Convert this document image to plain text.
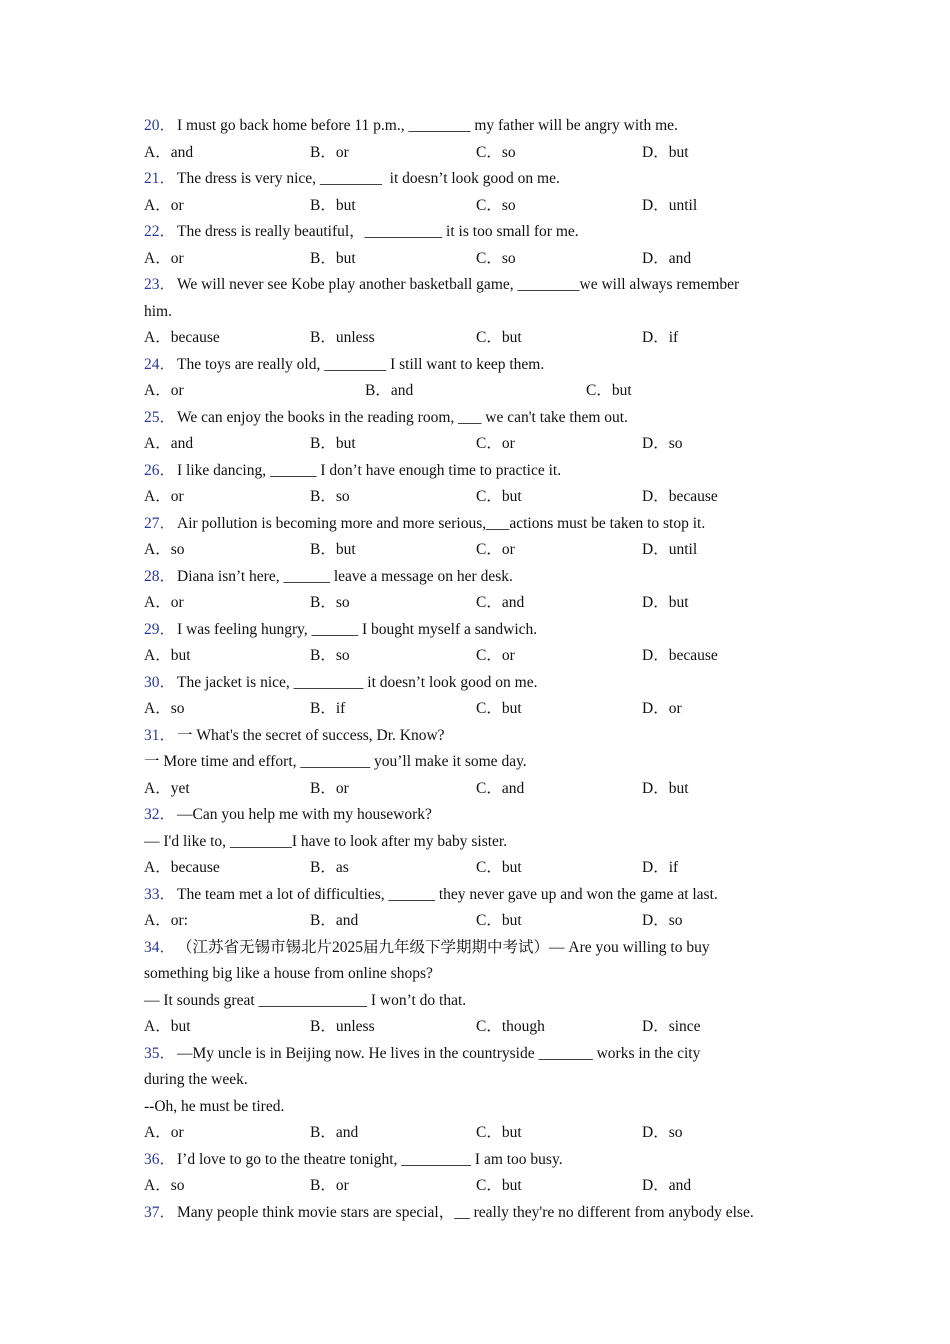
20 ．	I must go back home before 11 p.m., ________ my father will be angry with me.
A ． and	B ． or	C ． so	D ． but
21 ．	The dress is very nice, ________  it doesn’t look good on me.
A ． or	B ． but	C ． so	D ． until
22 ．	The dress is really beautiful，__________ it is too small for me.
A ． or	B ． but	C ． so	D ． and
23 ．	We will never see Kobe play another basketball game, ________we will always remember
him.
A ． because	B ． unless	C ． but	D ． if
24 ．	The toys are really old, ________ I still want to keep them.
A ． or	B ． and	C ． but
25 ．	We can enjoy the books in the reading room, ___ we can't take them out.
A ． and	B ． but	C ． or	D ． so
26 ．	I like dancing, ______ I don’t have enough time to practice it.
A ． or	B ． so	C ． but	D ． because
27 ．	Air pollution is becoming more and more serious,___actions must be taken to stop it.
A ． so	B ． but	C ． or	D ． until
28 ．	Diana isn’t here, ______ leave a message on her desk.
A ． or	B ． so	C ． and	D ． but
29 ．	I was feeling hungry, ______ I bought myself a sandwich.
A ． but	B ． so	C ． or	D ． because
30 ．	The jacket is nice, _________ it doesn’t look good on me.
A ． so	B ． if	C ． but	D ． or
31 ．	一 What's the secret of success, Dr. Know?
一 More time and effort, _________ you’ll make it some day.
A ． yet	B ． or	C ． and	D ． but
32 ．	—Can you help me with my housework?
— I'd like to, ________I have to look after my baby sister.
A ． because	B ． as	C ． but	D ． if
33 ．	The team met a lot of difficulties, ______ they never gave up and won the game at last.
A ． or:	B ． and	C ． but	D ． so
34 ．	（江苏省无锡市锡北片2025届九年级下学期期中考试）— Are you willing to buy
something big like a house from online shops?
— It sounds great ______________ I won’t do that.
A ． but	B ． unless	C ． though	D ． since
35 ．	—My uncle is in Beijing now. He lives in the countryside _______ works in the city
during the week.
--Oh, he must be tired.
A ． or	B ． and	C ． but	D ． so
36 ．	I’d love to go to the theatre tonight, _________ I am too busy.
A ． so	B ． or	C ． but	D ． and
37 ．	Many people think movie stars are special，__ really they're no different from anybody else.
